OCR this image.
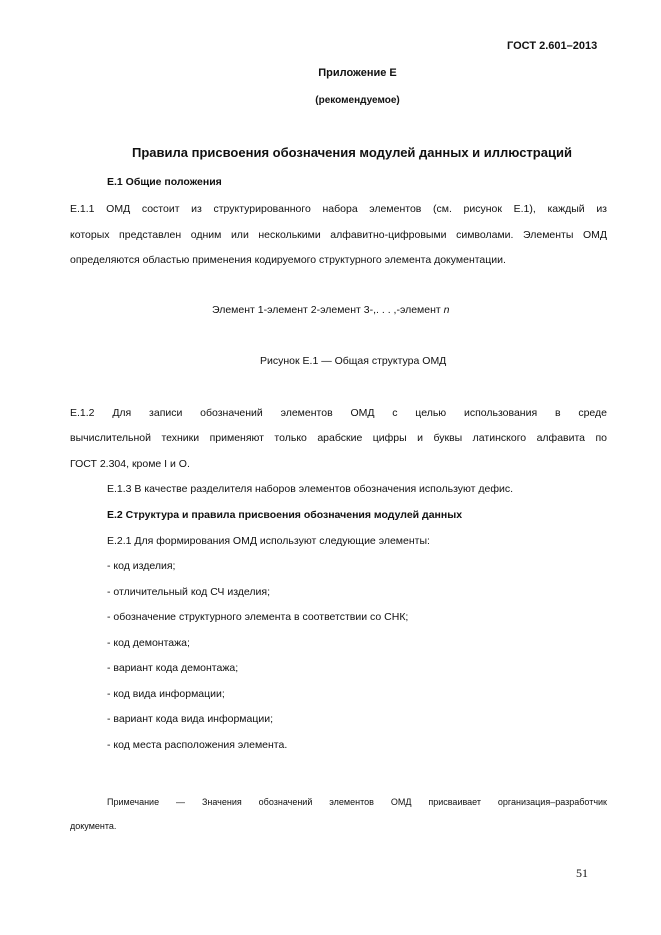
ГОСТ 2.601–2013
Приложение Е
(рекомендуемое)
Правила присвоения обозначения модулей данных и иллюстраций
Е.1 Общие положения
Е.1.1 ОМД состоит из структурированного набора элементов (см. рисунок Е.1), каждый из
которых представлен одним или несколькими алфавитно-цифровыми символами. Элементы ОМД
определяются областью применения кодируемого структурного элемента документации.
Элемент 1-элемент 2-элемент 3-,. . . ,-элемент n
Рисунок Е.1 — Общая структура ОМД
Е.1.2 Для записи обозначений элементов ОМД с целью использования в среде
вычислительной техники применяют только арабские цифры и буквы латинского алфавита по
ГОСТ 2.304, кроме I и O.
Е.1.3 В качестве разделителя наборов элементов обозначения используют дефис.
Е.2 Структура и правила присвоения обозначения модулей данных
Е.2.1 Для формирования ОМД используют следующие элементы:
- код изделия;
- отличительный код СЧ изделия;
- обозначение структурного элемента в соответствии со СНК;
- код демонтажа;
- вариант кода демонтажа;
- код вида информации;
- вариант кода вида информации;
- код места расположения элемента.
Примечание — Значения обозначений элементов ОМД присваивает организация–разработчик
документа.
51
